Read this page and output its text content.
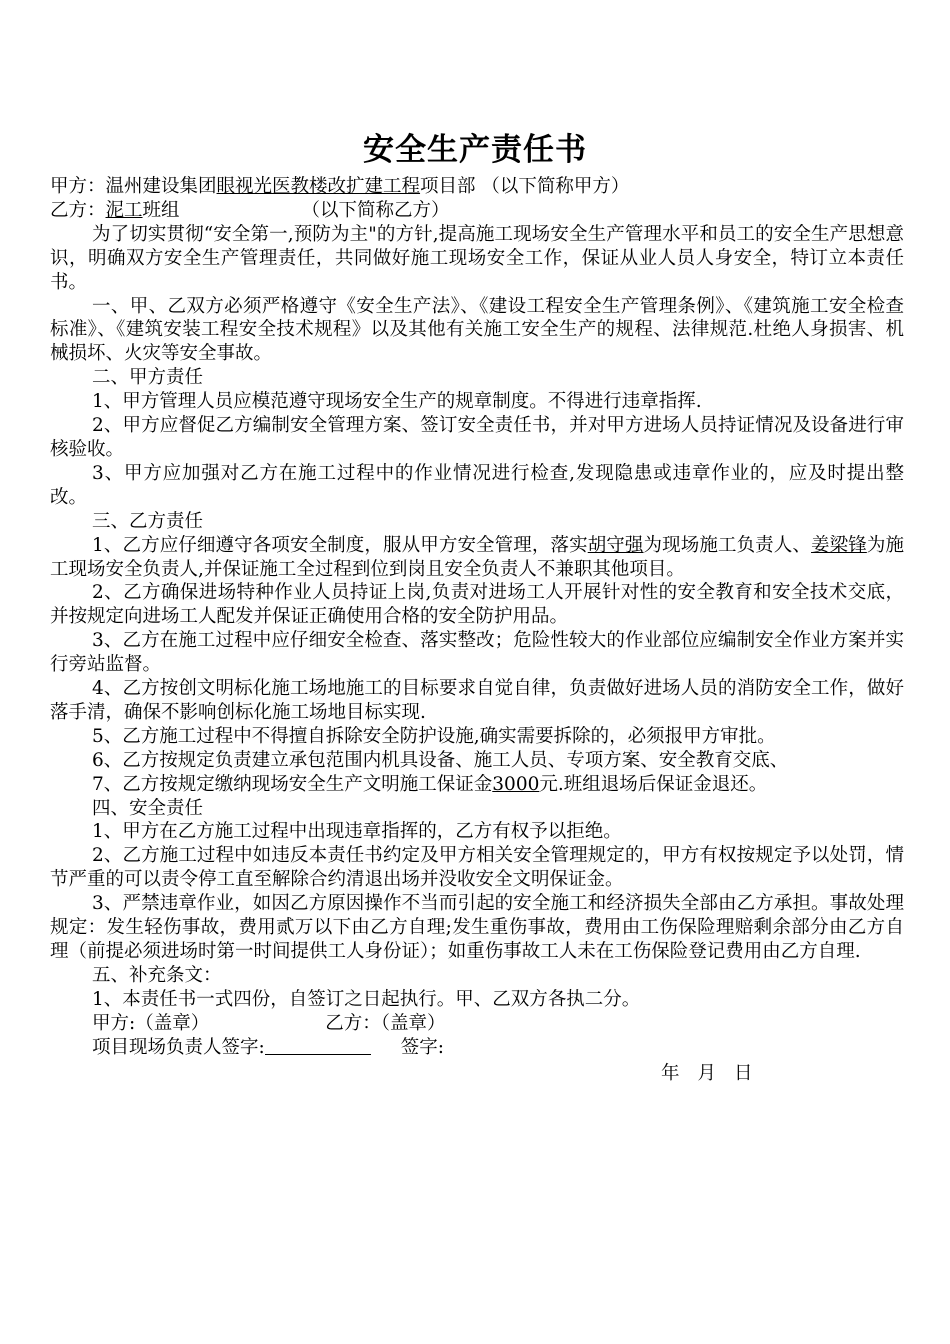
安全生产责任书

甲方：温州建设集团眼视光医教楼改扩建工程项目部 （以下简称甲方）

乙方：泥工班组	（以下简称乙方）

为了切实贯彻“安全第一,预防为主"的方针,提高施工现场安全生产管理水平和员工的安全生产思想意识，明确双方安全生产管理责任，共同做好施工现场安全工作，保证从业人员人身安全，特订立本责任书。

一、甲、乙双方必须严格遵守《安全生产法》、《建设工程安全生产管理条例》、《建筑施工安全检查标准》、《建筑安装工程安全技术规程》以及其他有关施工安全生产的规程、法律规范.杜绝人身损害、机械损坏、火灾等安全事故。

二、甲方责任

1、甲方管理人员应模范遵守现场安全生产的规章制度。不得进行违章指挥.

2、甲方应督促乙方编制安全管理方案、签订安全责任书，并对甲方进场人员持证情况及设备进行审核验收。

3、甲方应加强对乙方在施工过程中的作业情况进行检查,发现隐患或违章作业的，应及时提出整改。

三、乙方责任

1、乙方应仔细遵守各项安全制度，服从甲方安全管理，落实胡守强为现场施工负责人、姜梁锋为施工现场安全负责人,并保证施工全过程到位到岗且安全负责人不兼职其他项目。

2、乙方确保进场特种作业人员持证上岗,负责对进场工人开展针对性的安全教育和安全技术交底，并按规定向进场工人配发并保证正确使用合格的安全防护用品。

3、乙方在施工过程中应仔细安全检查、落实整改；危险性较大的作业部位应编制安全作业方案并实行旁站监督。

4、乙方按创文明标化施工场地施工的目标要求自觉自律，负责做好进场人员的消防安全工作，做好落手清，确保不影响创标化施工场地目标实现.

5、乙方施工过程中不得擅自拆除安全防护设施,确实需要拆除的，必须报甲方审批。

6、乙方按规定负责建立承包范围内机具设备、施工人员、专项方案、安全教育交底、

7、乙方按规定缴纳现场安全生产文明施工保证金3000元.班组退场后保证金退还。

四、安全责任

1、甲方在乙方施工过程中出现违章指挥的，乙方有权予以拒绝。

2、乙方施工过程中如违反本责任书约定及甲方相关安全管理规定的，甲方有权按规定予以处罚，情节严重的可以责令停工直至解除合约清退出场并没收安全文明保证金。

3、严禁违章作业，如因乙方原因操作不当而引起的安全施工和经济损失全部由乙方承担。事故处理规定：发生轻伤事故，费用贰万以下由乙方自理;发生重伤事故，费用由工伤保险理赔剩余部分由乙方自理（前提必须进场时第一时间提供工人身份证）；如重伤事故工人未在工伤保险登记费用由乙方自理.

五、补充条文：

1、本责任书一式四份，自签订之日起执行。甲、乙双方各执二分。

甲方:（盖章）	乙方：（盖章）

项目现场负责人签字:	签字:

年 月 日
